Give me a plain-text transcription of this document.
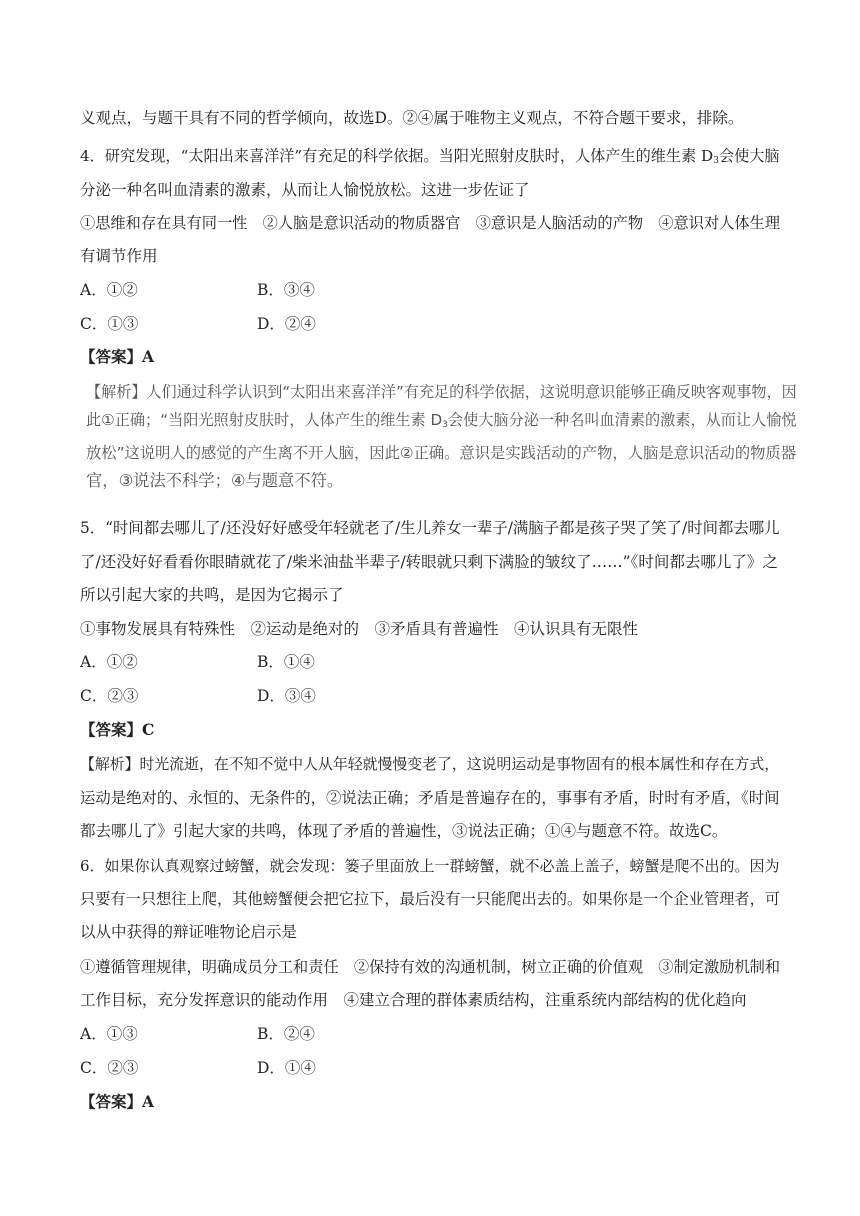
义观点，与题干具有不同的哲学倾向，故选D。②④属于唯物主义观点，不符合题干要求，排除。

4．研究发现，“太阳出来喜洋洋”有充足的科学依据。当阳光照射皮肤时，人体产生的维生素 $D_3$会使大脑

分泌一种名叫血清素的激素，从而让人愉悦放松。这进一步佐证了

①思维和存在具有同一性　②人脑是意识活动的物质器官　③意识是人脑活动的产物　④意识对人体生理

有调节作用

A．①②	B．③④

C．①③	D．②④

【答案】A

【解析】人们通过科学认识到“太阳出来喜洋洋”有充足的科学依据，这说明意识能够正确反映客观事物，因

此①正确；“当阳光照射皮肤时，人体产生的维生素 $D_3$会使大脑分泌一种名叫血清素的激素，从而让人愉悦

放松”这说明人的感觉的产生离不开人脑，因此②正确。意识是实践活动的产物，人脑是意识活动的物质器

官，③说法不科学；④与题意不符。

5．“时间都去哪儿了/还没好好感受年轻就老了/生儿养女一辈子/满脑子都是孩子哭了笑了/时间都去哪儿

了/还没好好看看你眼睛就花了/柴米油盐半辈子/转眼就只剩下满脸的皱纹了……”《时间都去哪儿了》之

所以引起大家的共鸣，是因为它揭示了

①事物发展具有特殊性　②运动是绝对的　③矛盾具有普遍性　④认识具有无限性

A．①②	B．①④

C．②③	D．③④

【答案】C

【解析】时光流逝，在不知不觉中人从年轻就慢慢变老了，这说明运动是事物固有的根本属性和存在方式，

运动是绝对的、永恒的、无条件的，②说法正确；矛盾是普遍存在的，事事有矛盾，时时有矛盾，《时间

都去哪儿了》引起大家的共鸣，体现了矛盾的普遍性，③说法正确；①④与题意不符。故选C。

6．如果你认真观察过螃蟹，就会发现：篓子里面放上一群螃蟹，就不必盖上盖子，螃蟹是爬不出的。因为

只要有一只想往上爬，其他螃蟹便会把它拉下，最后没有一只能爬出去的。如果你是一个企业管理者，可

以从中获得的辩证唯物论启示是

①遵循管理规律，明确成员分工和责任　②保持有效的沟通机制，树立正确的价值观　③制定激励机制和

工作目标，充分发挥意识的能动作用　④建立合理的群体素质结构，注重系统内部结构的优化趋向

A．①③	B．②④

C．②③	D．①④

【答案】A
